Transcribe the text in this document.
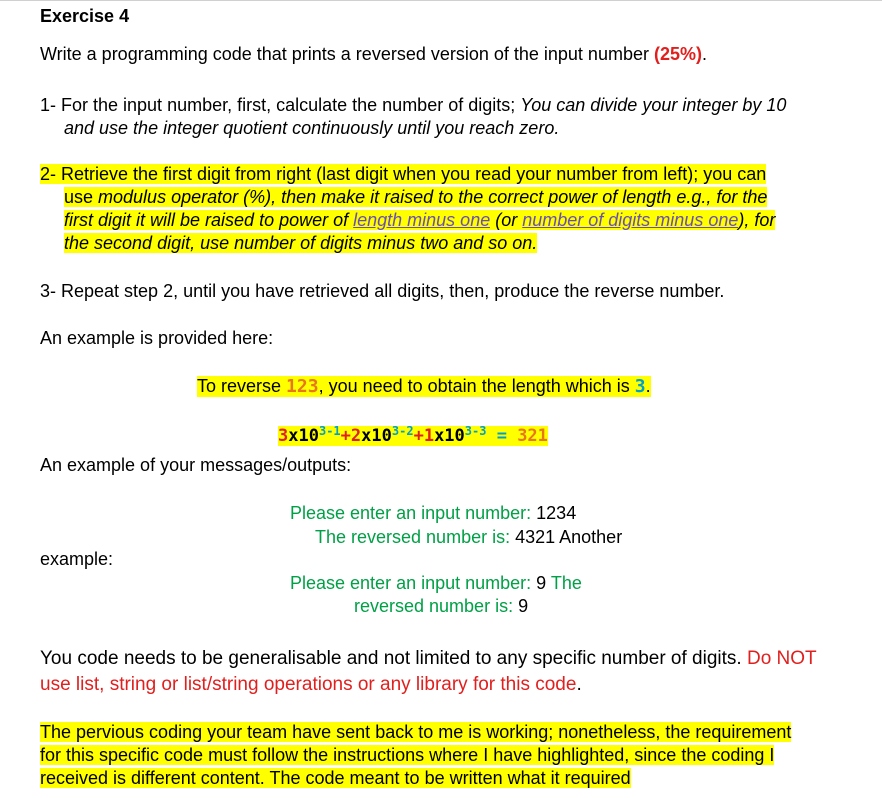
Exercise 4
Write a programming code that prints a reversed version of the input number (25%).
1- For the input number, first, calculate the number of digits; You can divide your integer by 10
and use the integer quotient continuously until you reach zero.
2- Retrieve the first digit from right (last digit when you read your number from left); you can
use modulus operator (%), then make it raised to the correct power of length e.g., for the
first digit it will be raised to power of length minus one (or number of digits minus one), for
the second digit, use number of digits minus two and so on.
3- Repeat step 2, until you have retrieved all digits, then, produce the reverse number.
An example is provided here:
To reverse 123, you need to obtain the length which is 3.
$3x10^{3-1}+2x10^{3-2}+1x10^{3-3} = 321$
An example of your messages/outputs:
Please enter an input number: 1234
The reversed number is: 4321 Another
example:
Please enter an input number: 9 The
reversed number is: 9
You code needs to be generalisable and not limited to any specific number of digits. Do NOT
use list, string or list/string operations or any library for this code.
The pervious coding your team have sent back to me is working; nonetheless, the requirement
for this specific code must follow the instructions where I have highlighted, since the coding I
received is different content. The code meant to be written what it required
